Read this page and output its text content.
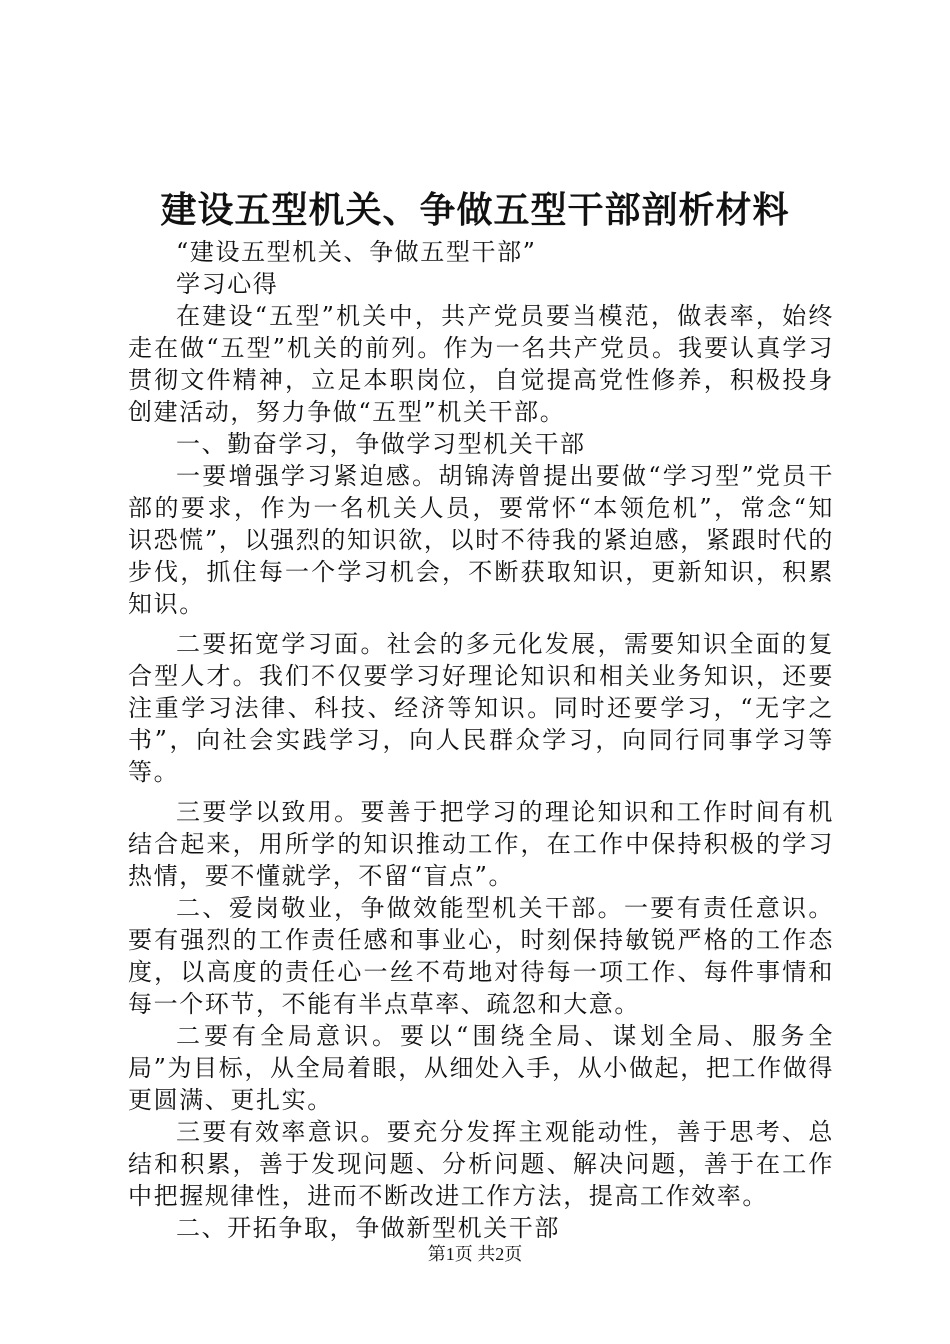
建设五型机关、争做五型干部剖析材料

“建设五型机关、争做五型干部”

学习心得

在建设“五型”机关中，共产党员要当模范，做表率，始终走在做“五型”机关的前列。作为一名共产党员。我要认真学习贯彻文件精神，立足本职岗位，自觉提高党性修养，积极投身创建活动，努力争做“五型”机关干部。

一、勤奋学习，争做学习型机关干部

一要增强学习紧迫感。胡锦涛曾提出要做“学习型”党员干部的要求，作为一名机关人员，要常怀“本领危机”，常念“知识恐慌”，以强烈的知识欲，以时不待我的紧迫感，紧跟时代的步伐，抓住每一个学习机会，不断获取知识，更新知识，积累知识。

二要拓宽学习面。社会的多元化发展，需要知识全面的复合型人才。我们不仅要学习好理论知识和相关业务知识，还要注重学习法律、科技、经济等知识。同时还要学习，“无字之书”，向社会实践学习，向人民群众学习，向同行同事学习等等。

三要学以致用。要善于把学习的理论知识和工作时间有机结合起来，用所学的知识推动工作，在工作中保持积极的学习热情，要不懂就学，不留“盲点”。

二、爱岗敬业，争做效能型机关干部。一要有责任意识。要有强烈的工作责任感和事业心，时刻保持敏锐严格的工作态度，以高度的责任心一丝不苟地对待每一项工作、每件事情和每一个环节，不能有半点草率、疏忽和大意。

二要有全局意识。要以“围绕全局、谋划全局、服务全局”为目标，从全局着眼，从细处入手，从小做起，把工作做得更圆满、更扎实。

三要有效率意识。要充分发挥主观能动性，善于思考、总结和积累，善于发现问题、分析问题、解决问题，善于在工作中把握规律性，进而不断改进工作方法，提高工作效率。

二、开拓争取，争做新型机关干部

第1页 共2页
